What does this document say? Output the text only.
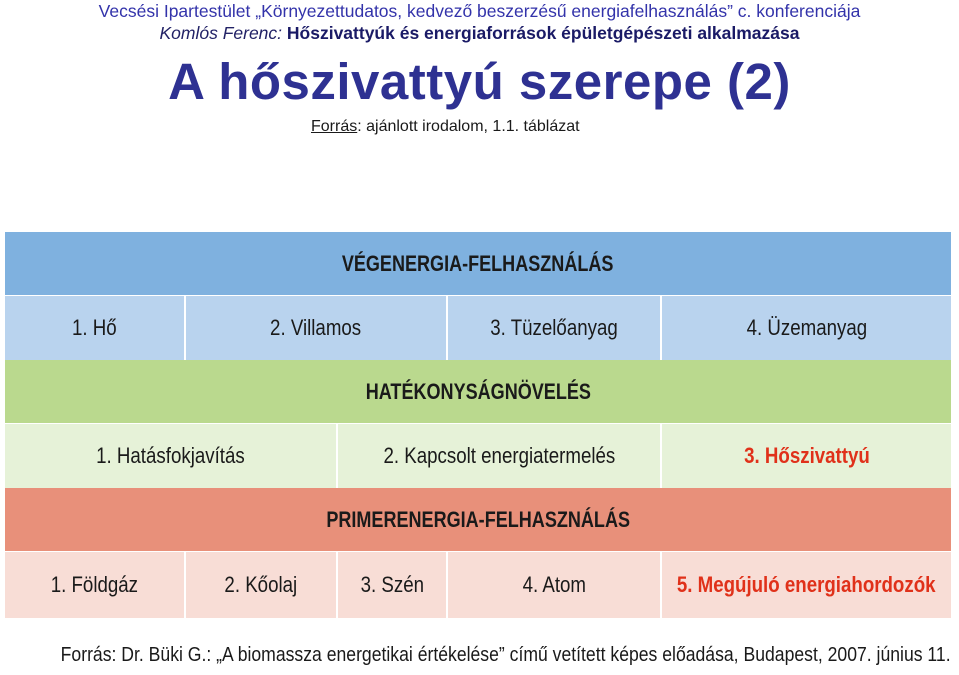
Vecsési Ipartestület „Környezettudatos, kedvező beszerzésű energiafelhasználás” c. konferenciája
Komlós Ferenc: Hőszivattyúk és energiaforrások épületgépészeti alkalmazása
A hőszivattyú szerepe (2)
Forrás: ajánlott irodalom, 1.1. táblázat
VÉGENERGIA-FELHASZNÁLÁS
1. Hő	2. Villamos	3. Tüzelőanyag	4. Üzemanyag
HATÉKONYSÁGNÖVELÉS
1. Hatásfokjavítás	2. Kapcsolt energiatermelés	3. Hőszivattyú
PRIMERENERGIA-FELHASZNÁLÁS
1. Földgáz	2. Kőolaj	3. Szén	4. Atom	5. Megújuló energiahordozók
Forrás: Dr. Büki G.: „A biomassza energetikai értékelése” című vetített képes előadása, Budapest, 2007. június 11.
